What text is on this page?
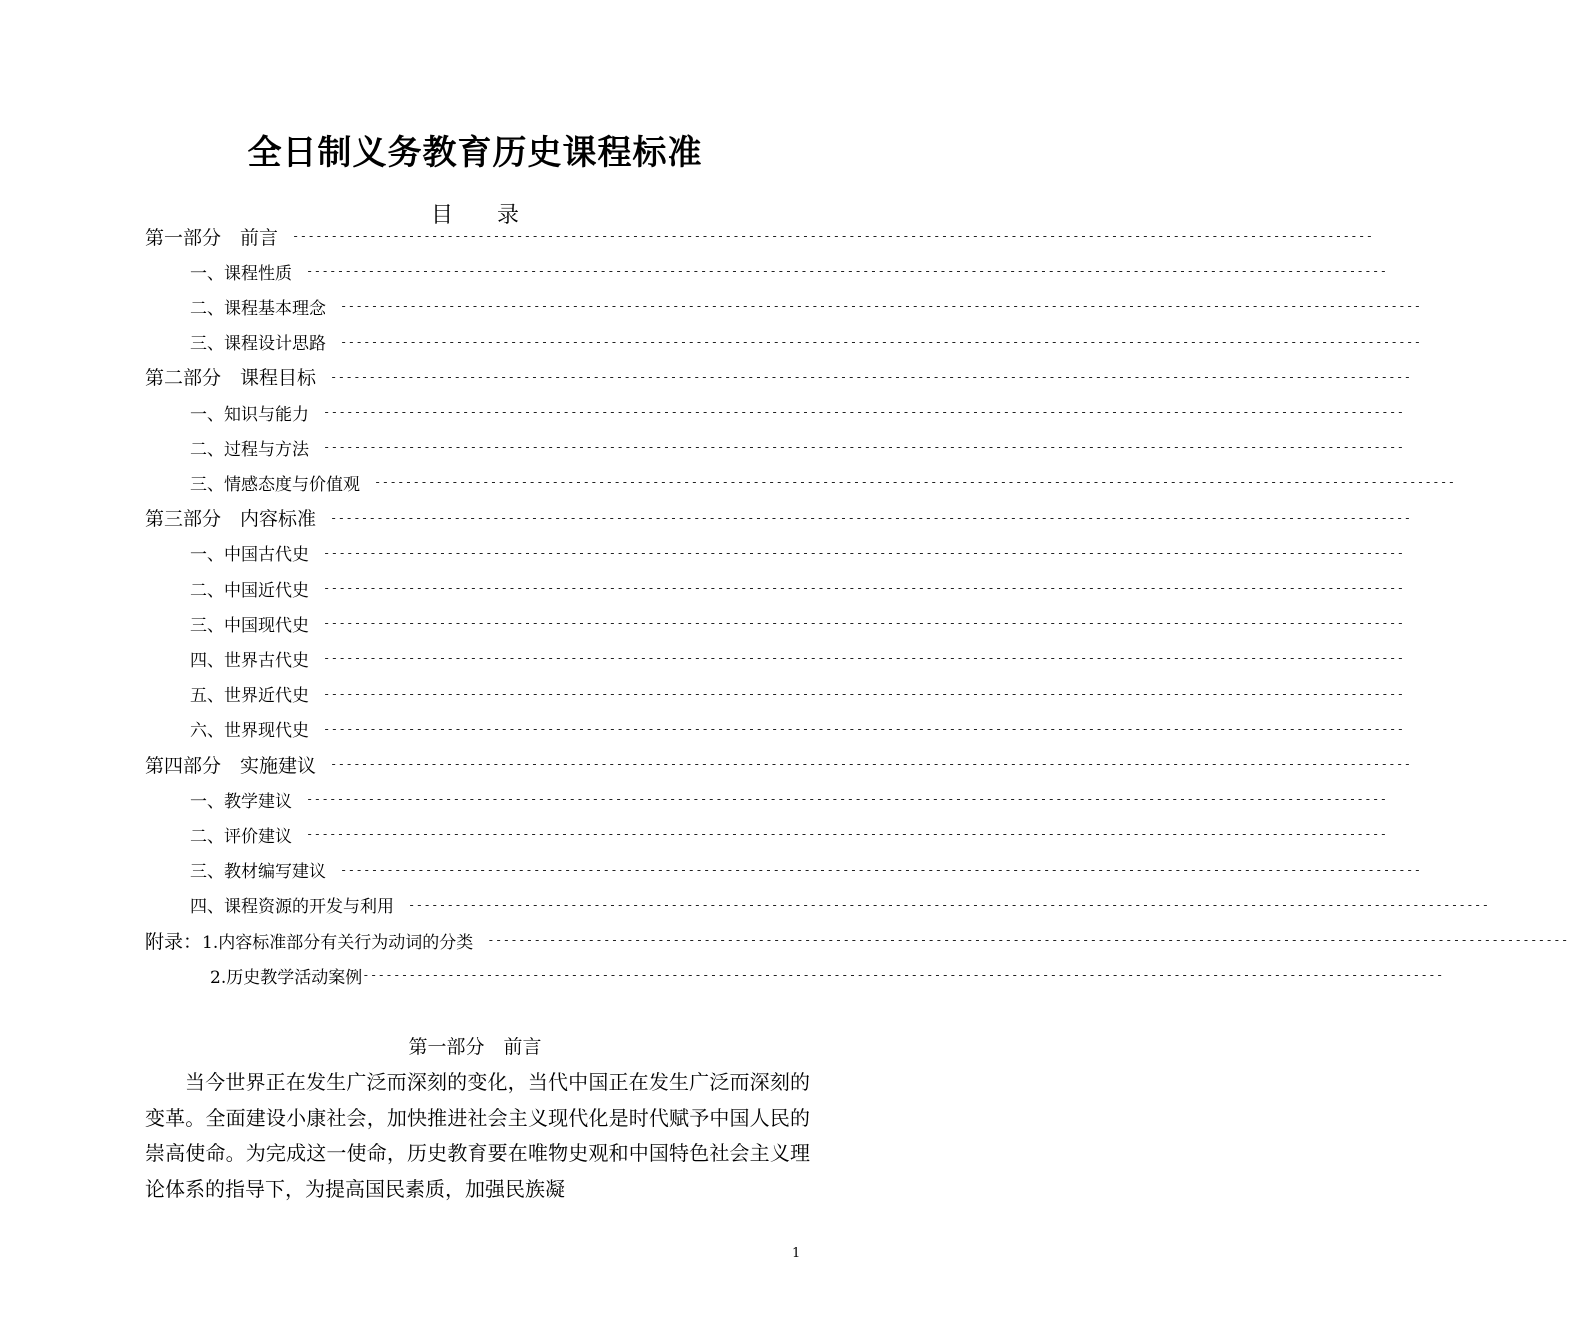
全日制义务教育历史课程标准
目 录
第一部分　前言 --------------------------------------------------------------------------------------------------------------------------------------------
一、课程性质 --------------------------------------------------------------------------------------------------------------------------------------------
二、课程基本理念 --------------------------------------------------------------------------------------------------------------------------------------------
三、课程设计思路 --------------------------------------------------------------------------------------------------------------------------------------------
第二部分　课程目标 --------------------------------------------------------------------------------------------------------------------------------------------
一、知识与能力 --------------------------------------------------------------------------------------------------------------------------------------------
二、过程与方法 --------------------------------------------------------------------------------------------------------------------------------------------
三、情感态度与价值观 --------------------------------------------------------------------------------------------------------------------------------------------
第三部分　内容标准 --------------------------------------------------------------------------------------------------------------------------------------------
一、中国古代史 --------------------------------------------------------------------------------------------------------------------------------------------
二、中国近代史 --------------------------------------------------------------------------------------------------------------------------------------------
三、中国现代史 --------------------------------------------------------------------------------------------------------------------------------------------
四、世界古代史 --------------------------------------------------------------------------------------------------------------------------------------------
五、世界近代史 --------------------------------------------------------------------------------------------------------------------------------------------
六、世界现代史 --------------------------------------------------------------------------------------------------------------------------------------------
第四部分　实施建议 --------------------------------------------------------------------------------------------------------------------------------------------
一、教学建议 --------------------------------------------------------------------------------------------------------------------------------------------
二、评价建议 --------------------------------------------------------------------------------------------------------------------------------------------
三、教材编写建议 --------------------------------------------------------------------------------------------------------------------------------------------
四、课程资源的开发与利用 --------------------------------------------------------------------------------------------------------------------------------------------
附录：1.内容标准部分有关行为动词的分类 --------------------------------------------------------------------------------------------------------------------------------------------
2.历史教学活动案例 --------------------------------------------------------------------------------------------------------------------------------------------
第一部分　前言
当今世界正在发生广泛而深刻的变化，当代中国正在发生广泛而深刻的变革。全面建设小康社会，加快推进社会主义现代化是时代赋予中国人民的崇高使命。为完成这一使命，历史教育要在唯物史观和中国特色社会主义理论体系的指导下，为提高国民素质，加强民族凝
1
